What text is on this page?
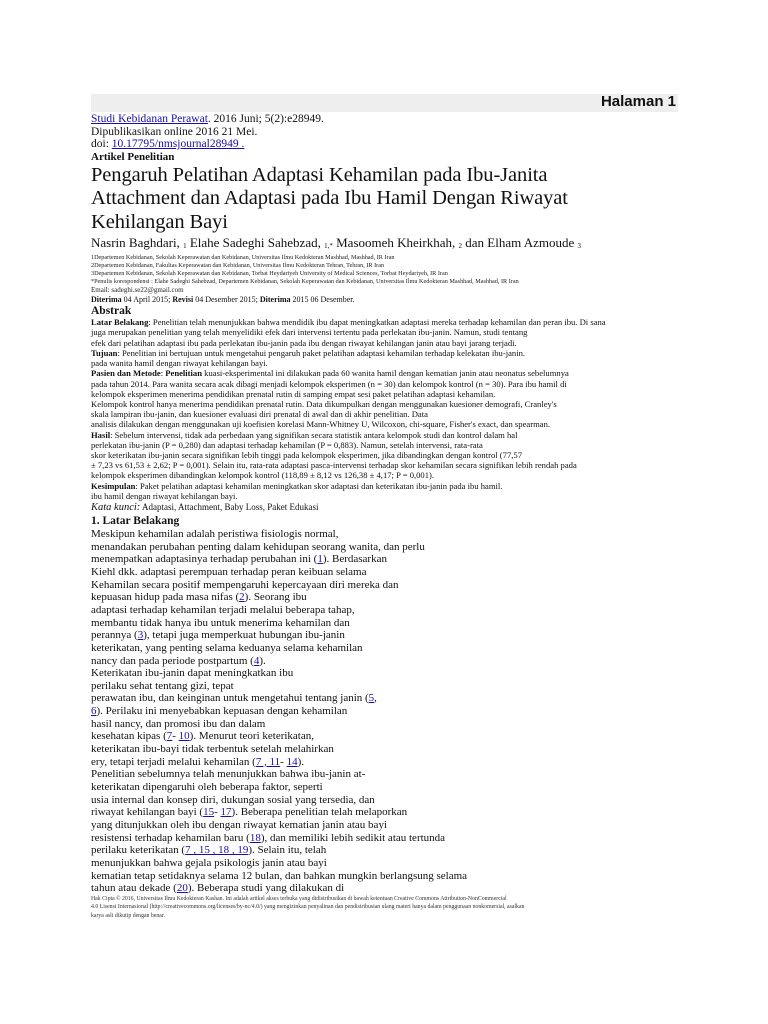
Halaman 1
Studi Kebidanan Perawat. 2016 Juni; 5(2):e28949.
Dipublikasikan online 2016 21 Mei.
doi: 10.17795/nmsjournal28949 .
Artikel Penelitian
Pengaruh Pelatihan Adaptasi Kehamilan pada Ibu-Janita
Attachment dan Adaptasi pada Ibu Hamil Dengan Riwayat
Kehilangan Bayi
Nasrin Baghdari, $_1$ Elahe Sadeghi Sahebzad, $_{1,*}$ Masoomeh Kheirkhah, $_2$ dan Elham Azmoude $_3$
1Departemen Kebidanan, Sekolah Keperawatan dan Kebidanan, Universitas Ilmu Kedokteran Mashhad, Mashhad, IR Iran
2Departemen Kebidanan, Fakultas Keperawatan dan Kebidanan, Universitas Ilmu Kedokteran Tehran, Tehran, IR Iran
3Departemen Kebidanan, Sekolah Keperawatan dan Kebidanan, Torbat Heydariyeh University of Medical Sciences, Torbat Heydariyeh, IR Iran
*Penulis korespondensi : Elahe Sadeghi Sahebzad, Departemen Kebidanan, Sekolah Keperawatan dan Kebidanan, Universitas Ilmu Kedokteran Mashhad, Mashhad, IR Iran
Email: sadeghi.se22@gmail.com
Diterima 04 April 2015; Revisi 04 Desember 2015; Diterima 2015 06 Desember.
Abstrak
Latar Belakang: Penelitian telah menunjukkan bahwa mendidik ibu dapat meningkatkan adaptasi mereka terhadap kehamilan dan peran ibu. Di sana
juga merupakan penelitian yang telah menyelidiki efek dari intervensi tertentu pada perlekatan ibu-janin. Namun, studi tentang
efek dari pelatihan adaptasi ibu pada perlekatan ibu-janin pada ibu dengan riwayat kehilangan janin atau bayi jarang terjadi.
Tujuan: Penelitian ini bertujuan untuk mengetahui pengaruh paket pelatihan adaptasi kehamilan terhadap kelekatan ibu-janin.
pada wanita hamil dengan riwayat kehilangan bayi.
Pasien dan Metode: Penelitian kuasi-eksperimental ini dilakukan pada 60 wanita hamil dengan kematian janin atau neonatus sebelumnya
pada tahun 2014. Para wanita secara acak dibagi menjadi kelompok eksperimen (n = 30) dan kelompok kontrol (n = 30). Para ibu hamil di
kelompok eksperimen menerima pendidikan prenatal rutin di samping empat sesi paket pelatihan adaptasi kehamilan.
Kelompok kontrol hanya menerima pendidikan prenatal rutin. Data dikumpulkan dengan menggunakan kuesioner demografi, Cranley's
skala lampiran ibu-janin, dan kuesioner evaluasi diri prenatal di awal dan di akhir penelitian. Data
analisis dilakukan dengan menggunakan uji koefisien korelasi Mann-Whitney U, Wilcoxon, chi-square, Fisher's exact, dan spearman.
Hasil: Sebelum intervensi, tidak ada perbedaan yang signifikan secara statistik antara kelompok studi dan kontrol dalam hal
perlekatan ibu-janin (P = 0,280) dan adaptasi terhadap kehamilan (P = 0,883). Namun, setelah intervensi, rata-rata
skor keterikatan ibu-janin secara signifikan lebih tinggi pada kelompok eksperimen, jika dibandingkan dengan kontrol (77,57
± 7,23 vs 61,53 ± 2,62; P = 0,001). Selain itu, rata-rata adaptasi pasca-intervensi terhadap skor kehamilan secara signifikan lebih rendah pada
kelompok eksperimen dibandingkan kelompok kontrol (118,89 ± 8,12 vs 126,38 ± 4,17; P = 0,001).
Kesimpulan: Paket pelatihan adaptasi kehamilan meningkatkan skor adaptasi dan keterikatan ibu-janin pada ibu hamil.
ibu hamil dengan riwayat kehilangan bayi.
Kata kunci: Adaptasi, Attachment, Baby Loss, Paket Edukasi
1. Latar Belakang
Meskipun kehamilan adalah peristiwa fisiologis normal,
menandakan perubahan penting dalam kehidupan seorang wanita, dan perlu
menempatkan adaptasinya terhadap perubahan ini (1). Berdasarkan
Kiehl dkk. adaptasi perempuan terhadap peran keibuan selama
Kehamilan secara positif mempengaruhi kepercayaan diri mereka dan
kepuasan hidup pada masa nifas (2). Seorang ibu
adaptasi terhadap kehamilan terjadi melalui beberapa tahap,
membantu tidak hanya ibu untuk menerima kehamilan dan
perannya (3), tetapi juga memperkuat hubungan ibu-janin
keterikatan, yang penting selama keduanya selama kehamilan
nancy dan pada periode postpartum (4).
Keterikatan ibu-janin dapat meningkatkan ibu
perilaku sehat tentang gizi, tepat
perawatan ibu, dan keinginan untuk mengetahui tentang janin (5,
6). Perilaku ini menyebabkan kepuasan dengan kehamilan
hasil nancy, dan promosi ibu dan dalam
kesehatan kipas (7- 10). Menurut teori keterikatan,
keterikatan ibu-bayi tidak terbentuk setelah melahirkan
ery, tetapi terjadi melalui kehamilan (7 , 11- 14).
Penelitian sebelumnya telah menunjukkan bahwa ibu-janin at-
keterikatan dipengaruhi oleh beberapa faktor, seperti
usia internal dan konsep diri, dukungan sosial yang tersedia, dan
riwayat kehilangan bayi (15- 17). Beberapa penelitian telah melaporkan
yang ditunjukkan oleh ibu dengan riwayat kematian janin atau bayi
resistensi terhadap kehamilan baru (18), dan memiliki lebih sedikit atau tertunda
perilaku keterikatan (7 , 15 , 18 , 19). Selain itu, telah
menunjukkan bahwa gejala psikologis janin atau bayi
kematian tetap setidaknya selama 12 bulan, dan bahkan mungkin berlangsung selama
tahun atau dekade (20). Beberapa studi yang dilakukan di
Hak Cipta © 2016, Universitas Ilmu Kedokteran Kashan. Ini adalah artikel akses terbuka yang didistribusikan di bawah ketentuan Creative Commons Attribution-NonCommercial
4.0 Lisensi Internasional (http://creativecommons.org/licenses/by-nc/4.0/) yang mengizinkan penyalinan dan pendistribusian ulang materi hanya dalam penggunaan nonkomersial, asalkan
karya asli dikutip dengan benar.
